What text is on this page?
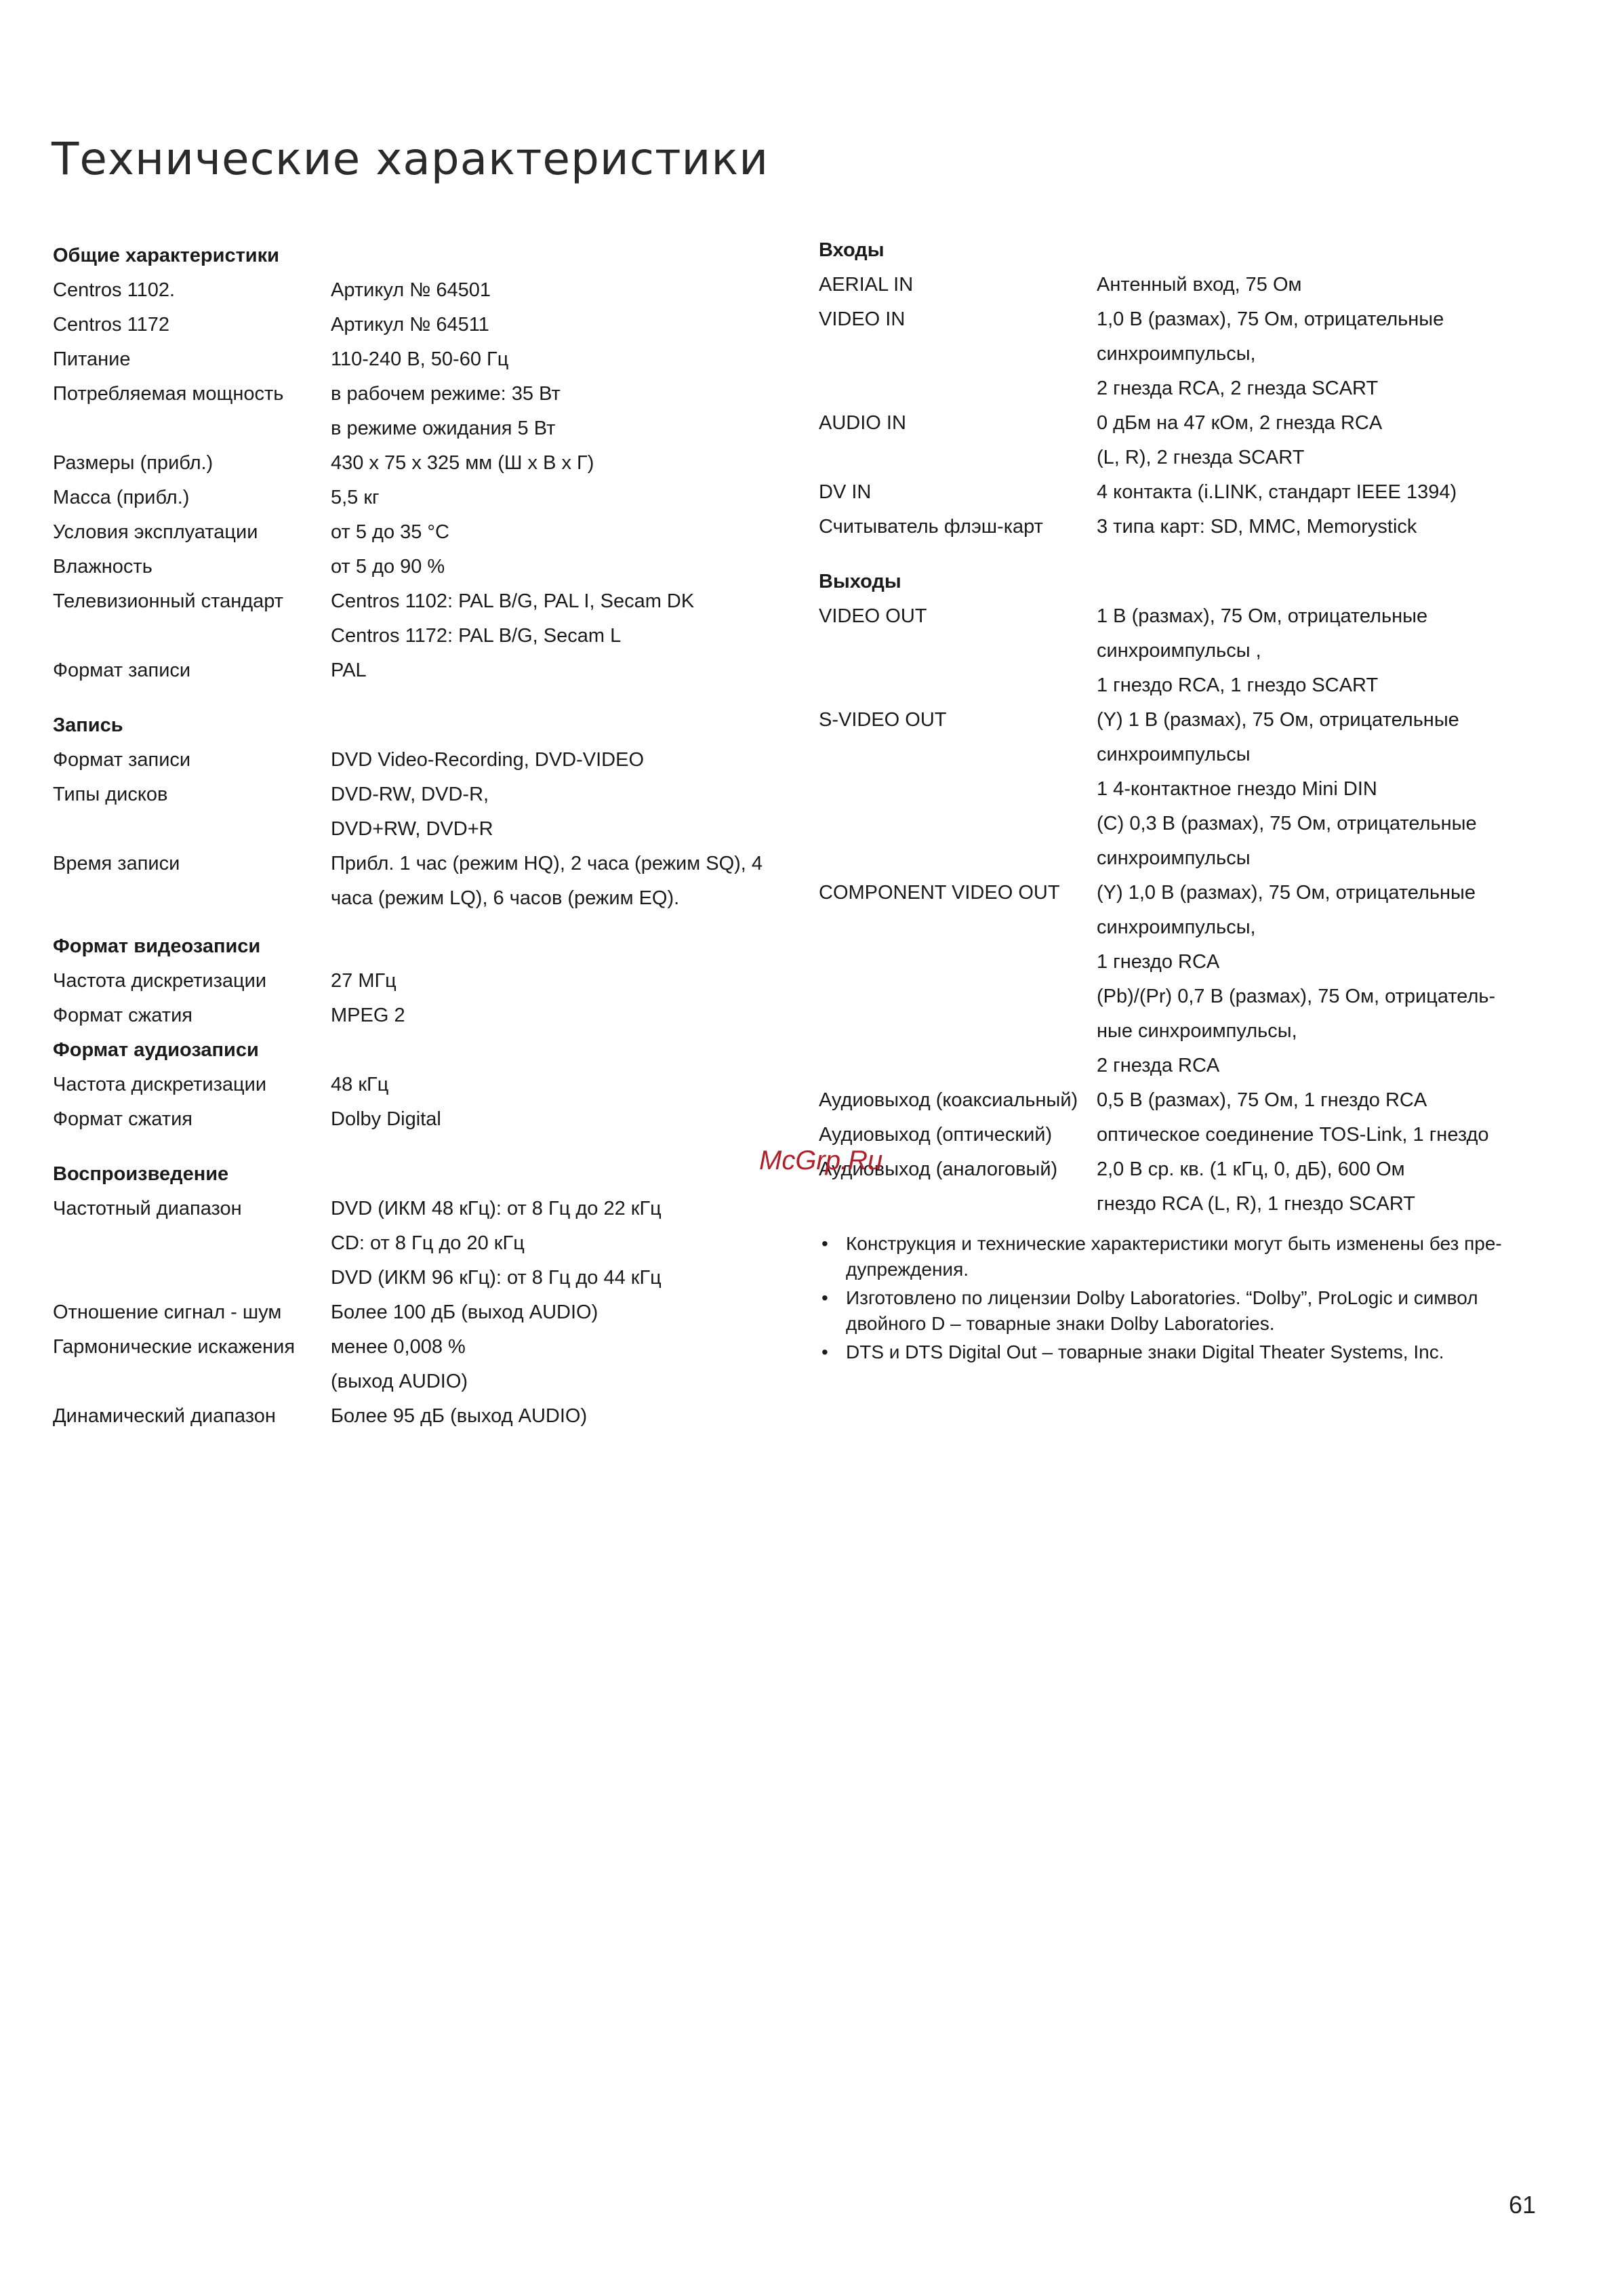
Технические характеристики
Общие характеристики
Centros 1102.	Артикул № 64501
Centros 1172	Артикул № 64511
Питание	110-240 В, 50-60 Гц
Потребляемая мощность	в рабочем режиме: 35 Вт
в режиме ожидания 5 Вт
Размеры (прибл.)	430 x 75 x 325 мм (Ш x В x Г)
Масса (прибл.)	5,5 кг
Условия эксплуатации	от 5 до 35 °С
Влажность	от 5 до 90 %
Телевизионный стандарт	Centros 1102: PAL B/G, PAL I, Secam DK
Centros 1172: PAL B/G, Secam L
Формат записи	PAL
Запись
Формат записи	DVD Video-Recording, DVD-VIDEO
Типы дисков	DVD-RW, DVD-R,
DVD+RW, DVD+R
Время записи	Прибл. 1 час (режим HQ), 2 часа (режим SQ), 4
часа (режим LQ), 6 часов (режим EQ).
Формат видеозаписи
Частота дискретизации	27 МГц
Формат сжатия	MPEG 2
Формат аудиозаписи
Частота дискретизации	48 кГц
Формат сжатия	Dolby Digital
Воспроизведение
Частотный диапазон	DVD (ИКМ 48 кГц): от 8 Гц до 22 кГц
CD: от 8 Гц до 20 кГц
DVD (ИКМ 96 кГц): от 8 Гц до 44 кГц
Отношение сигнал - шум	Более 100 дБ (выход AUDIO)
Гармонические искажения	менее 0,008 %
(выход AUDIO)
Динамический диапазон	Более 95 дБ (выход AUDIO)
Входы
AERIAL IN	Антенный вход, 75 Ом
VIDEO IN	1,0 В (размах), 75 Ом, отрицательные
синхроимпульсы,
2 гнезда RCA, 2 гнезда SCART
AUDIO IN	0 дБм на 47 кОм, 2 гнезда RCA
(L, R), 2 гнезда SCART
DV IN	4 контакта (i.LINK, стандарт IEEE 1394)
Считыватель флэш-карт	3 типа карт: SD, MMC, Memorystick
Выходы
VIDEO OUT	1 В (размах), 75 Ом, отрицательные
синхроимпульсы ,
1 гнездо RCA, 1 гнездо SCART
S-VIDEO OUT	(Y) 1 В (размах), 75 Ом, отрицательные
синхроимпульсы
1 4-контактное гнездо Mini DIN
(C) 0,3 В (размах), 75 Ом, отрицательные
синхроимпульсы
COMPONENT VIDEO OUT	(Y) 1,0 В (размах), 75 Ом, отрицательные
синхроимпульсы,
1 гнездо RCA
(Pb)/(Pr) 0,7 В (размах), 75 Ом, отрицатель-
ные синхроимпульсы,
2 гнезда RCA
Аудиовыход (коаксиальный) 0,5 В (размах), 75 Ом, 1 гнездо RCA
Аудиовыход (оптический)	оптическое соединение TOS-Link, 1 гнездо
Аудиовыход (аналоговый)	2,0 В ср. кв. (1 кГц, 0, дБ), 600 Ом
гнездо RCA (L, R), 1 гнездо SCART
• Конструкция и технические характеристики могут быть изменены без пре-
дупреждения.
• Изготовлено по лицензии Dolby Laboratories. “Dolby”, ProLogic и символ
двойного D – товарные знаки Dolby Laboratories.
• DTS и DTS Digital Out – товарные знаки Digital Theater Systems, Inc.
McGrp.Ru
61
